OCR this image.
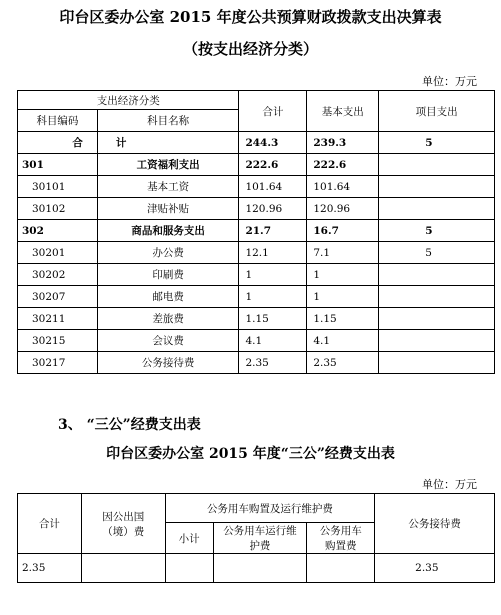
印台区委办公室 2015 年度公共预算财政拨款支出决算表
（按支出经济分类）
单位：万元
支出经济分类		合计	基本支出	项目支出
科目编码	科目名称			
合	计	244.3	239.3	5
301	工资福利支出	222.6	222.6	
30101	基本工资	101.64	101.64	
30102	津贴补贴	120.96	120.96	
302	商品和服务支出	21.7	16.7	5
30201	办公费	12.1	7.1	5
30202	印刷费	1	1	
30207	邮电费	1	1	
30211	差旅费	1.15	1.15	
30215	会议费	4.1	4.1	
30217	公务接待费	2.35	2.35	
3、 “三公”经费支出表
印台区委办公室 2015 年度“三公”经费支出表
单位：万元
合计	因公出国（境）费	公务用车购置及运行维护费			公务接待费
		小计	公务用车运行维护费	公务用车购置费	
2.35					2.35
